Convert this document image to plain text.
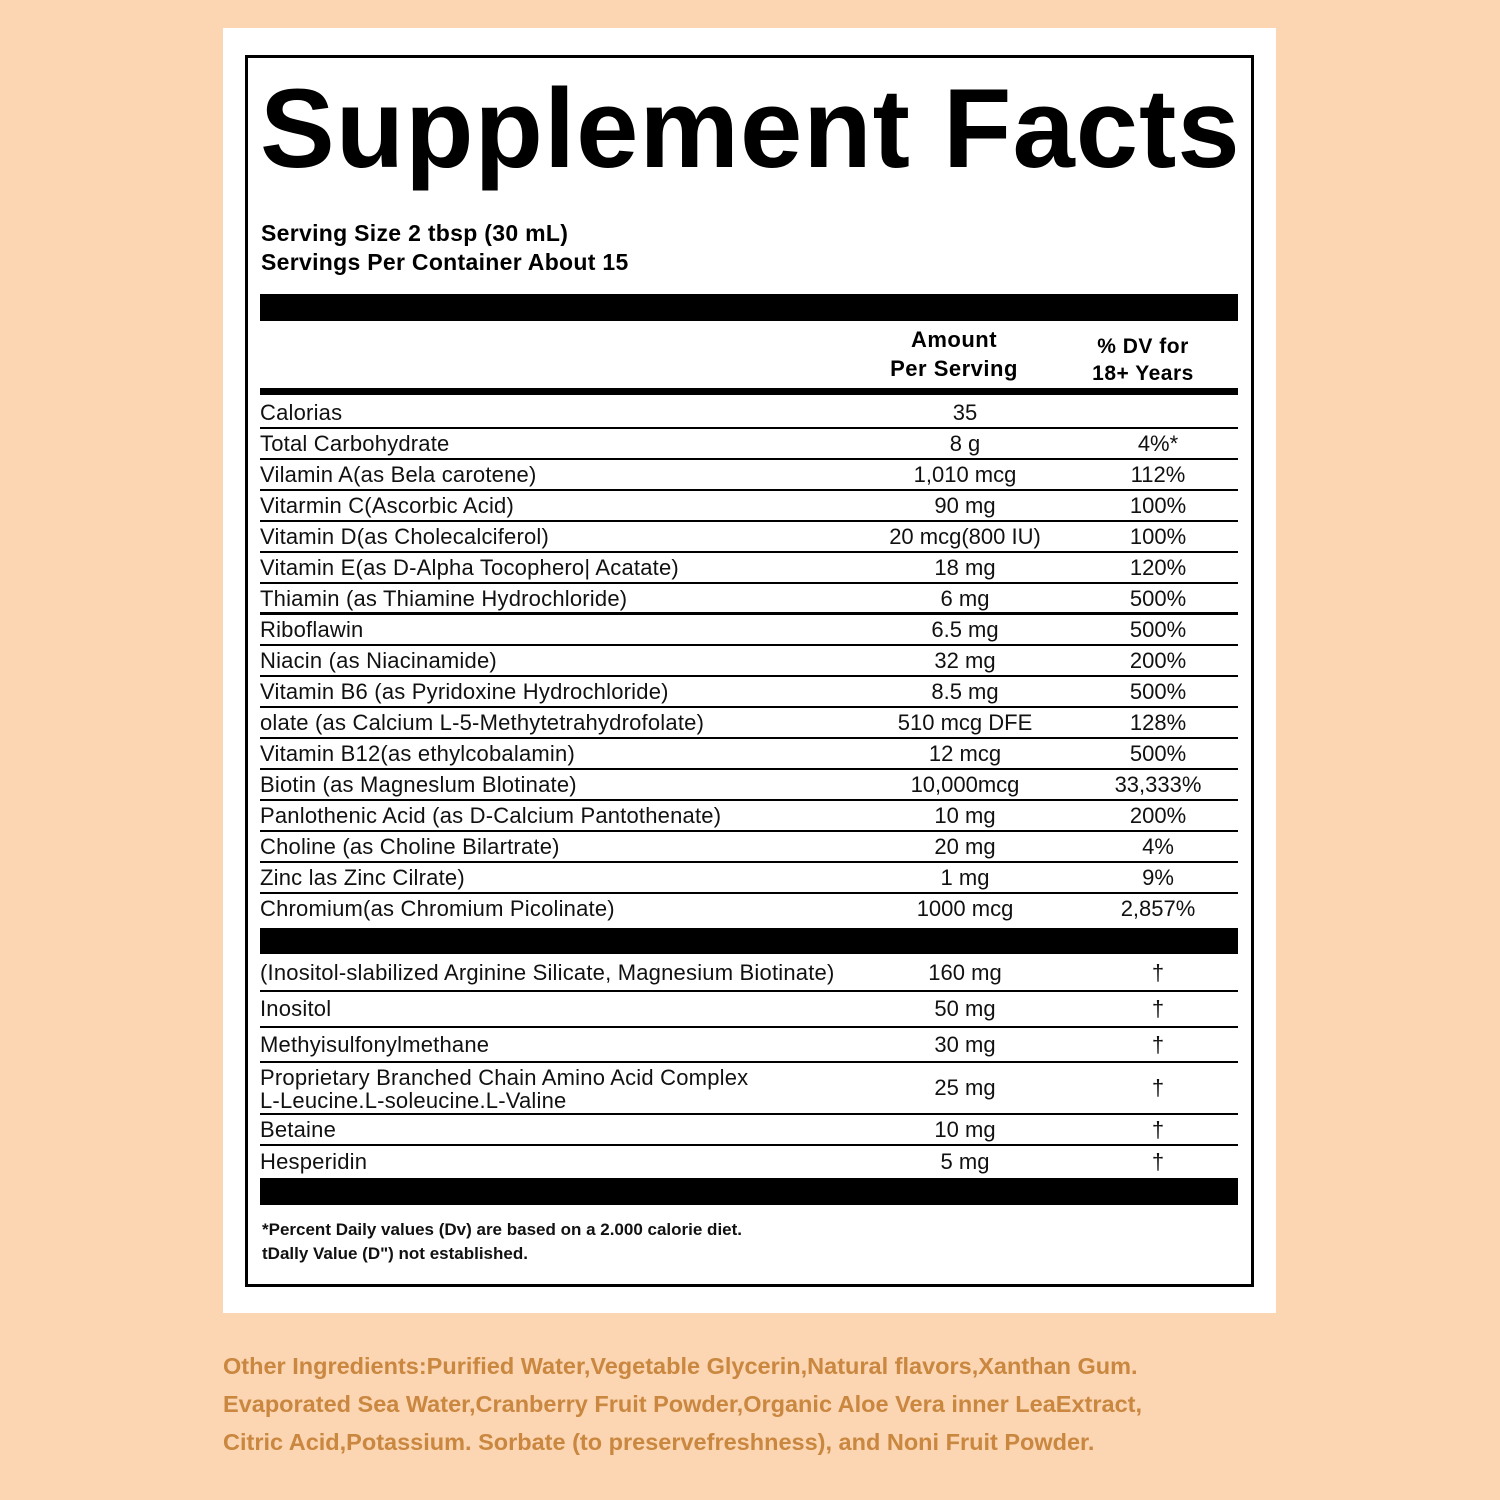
Supplement Facts
Serving Size 2 tbsp (30 mL)
Servings Per Container About 15
Amount
Per Serving
% DV for
18+ Years
Calorias	35
Total Carbohydrate	8 g	4%*
Vilamin A(as Bela carotene)	1,010 mcg	112%
Vitarmin C(Ascorbic Acid)	90 mg	100%
Vitamin D(as Cholecalciferol)	20 mcg(800 IU)	100%
Vitamin E(as D-Alpha Tocophero| Acatate)	18 mg	120%
Thiamin (as Thiamine Hydrochloride)	6 mg	500%
Riboflawin	6.5 mg	500%
Niacin (as Niacinamide)	32 mg	200%
Vitamin B6 (as Pyridoxine Hydrochloride)	8.5 mg	500%
olate (as Calcium L-5-Methytetrahydrofolate)	510 mcg DFE	128%
Vitamin B12(as ethylcobalamin)	12 mcg	500%
Biotin (as Magneslum Blotinate)	10,000mcg	33,333%
Panlothenic Acid (as D-Calcium Pantothenate)	10 mg	200%
Choline (as Choline Bilartrate)	20 mg	4%
Zinc las Zinc Cilrate)	1 mg	9%
Chromium(as Chromium Picolinate)	1000 mcg	2,857%
(Inositol-slabilized Arginine Silicate, Magnesium Biotinate)	160 mg	†
Inositol	50 mg	†
Methyisulfonylmethane	30 mg	†
Proprietary Branched Chain Amino Acid Complex
L-Leucine.L-soleucine.L-Valine
25 mg	†
Betaine	10 mg	†
Hesperidin	5 mg	†
*Percent Daily values (Dv) are based on a 2.000 calorie diet.
tDally Value (D") not established.
Other Ingredients:Purified Water,Vegetable Glycerin,Natural flavors,Xanthan Gum.
Evaporated Sea Water,Cranberry Fruit Powder,Organic Aloe Vera inner LeaExtract,
Citric Acid,Potassium. Sorbate (to preservefreshness), and Noni Fruit Powder.
